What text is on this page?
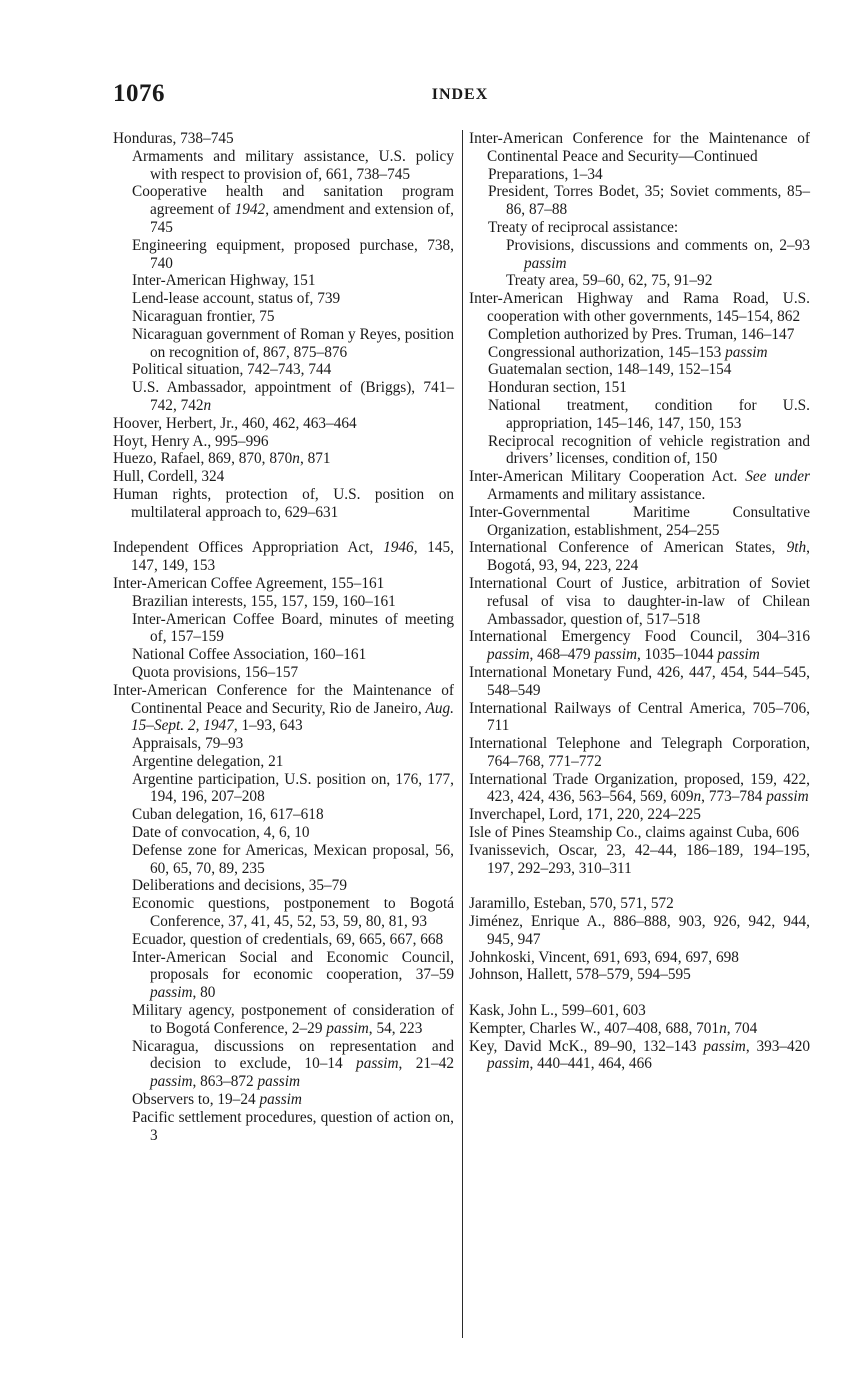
1076	INDEX
Honduras, 738–745
Armaments and military assistance, U.S. policy with respect to provision of, 661, 738–745
Cooperative health and sanitation program agreement of 1942, amendment and extension of, 745
Engineering equipment, proposed purchase, 738, 740
Inter-American Highway, 151
Lend-lease account, status of, 739
Nicaraguan frontier, 75
Nicaraguan government of Roman y Reyes, position on recognition of, 867, 875–876
Political situation, 742–743, 744
U.S. Ambassador, appointment of (Briggs), 741–742, 742n
Hoover, Herbert, Jr., 460, 462, 463–464
Hoyt, Henry A., 995–996
Huezo, Rafael, 869, 870, 870n, 871
Hull, Cordell, 324
Human rights, protection of, U.S. position on multilateral approach to, 629–631
Independent Offices Appropriation Act, 1946, 145, 147, 149, 153
Inter-American Coffee Agreement, 155–161
Brazilian interests, 155, 157, 159, 160–161
Inter-American Coffee Board, minutes of meeting of, 157–159
National Coffee Association, 160–161
Quota provisions, 156–157
Inter-American Conference for the Maintenance of Continental Peace and Security, Rio de Janeiro, Aug. 15–Sept. 2, 1947, 1–93, 643
Appraisals, 79–93
Argentine delegation, 21
Argentine participation, U.S. position on, 176, 177, 194, 196, 207–208
Cuban delegation, 16, 617–618
Date of convocation, 4, 6, 10
Defense zone for Americas, Mexican proposal, 56, 60, 65, 70, 89, 235
Deliberations and decisions, 35–79
Economic questions, postponement to Bogotá Conference, 37, 41, 45, 52, 53, 59, 80, 81, 93
Ecuador, question of credentials, 69, 665, 667, 668
Inter-American Social and Economic Council, proposals for economic cooperation, 37–59 passim, 80
Military agency, postponement of consideration of to Bogotá Conference, 2–29 passim, 54, 223
Nicaragua, discussions on representation and decision to exclude, 10–14 passim, 21–42 passim, 863–872 passim
Observers to, 19–24 passim
Pacific settlement procedures, question of action on, 3
Inter-American Conference for the Maintenance of Continental Peace and Security—Continued
Preparations, 1–34
President, Torres Bodet, 35; Soviet comments, 85–86, 87–88
Treaty of reciprocal assistance:
Provisions, discussions and comments on, 2–93 passim
Treaty area, 59–60, 62, 75, 91–92
Inter-American Highway and Rama Road, U.S. cooperation with other governments, 145–154, 862
Completion authorized by Pres. Truman, 146–147
Congressional authorization, 145–153 passim
Guatemalan section, 148–149, 152–154
Honduran section, 151
National treatment, condition for U.S. appropriation, 145–146, 147, 150, 153
Reciprocal recognition of vehicle registration and drivers’ licenses, condition of, 150
Inter-American Military Cooperation Act. See under Armaments and military assistance.
Inter-Governmental Maritime Consultative Organization, establishment, 254–255
International Conference of American States, 9th, Bogotá, 93, 94, 223, 224
International Court of Justice, arbitration of Soviet refusal of visa to daughter-in-law of Chilean Ambassador, question of, 517–518
International Emergency Food Council, 304–316 passim, 468–479 passim, 1035–1044 passim
International Monetary Fund, 426, 447, 454, 544–545, 548–549
International Railways of Central America, 705–706, 711
International Telephone and Telegraph Corporation, 764–768, 771–772
International Trade Organization, proposed, 159, 422, 423, 424, 436, 563–564, 569, 609n, 773–784 passim
Inverchapel, Lord, 171, 220, 224–225
Isle of Pines Steamship Co., claims against Cuba, 606
Ivanissevich, Oscar, 23, 42–44, 186–189, 194–195, 197, 292–293, 310–311
Jaramillo, Esteban, 570, 571, 572
Jiménez, Enrique A., 886–888, 903, 926, 942, 944, 945, 947
Johnkoski, Vincent, 691, 693, 694, 697, 698
Johnson, Hallett, 578–579, 594–595
Kask, John L., 599–601, 603
Kempter, Charles W., 407–408, 688, 701n, 704
Key, David McK., 89–90, 132–143 passim, 393–420 passim, 440–441, 464, 466
